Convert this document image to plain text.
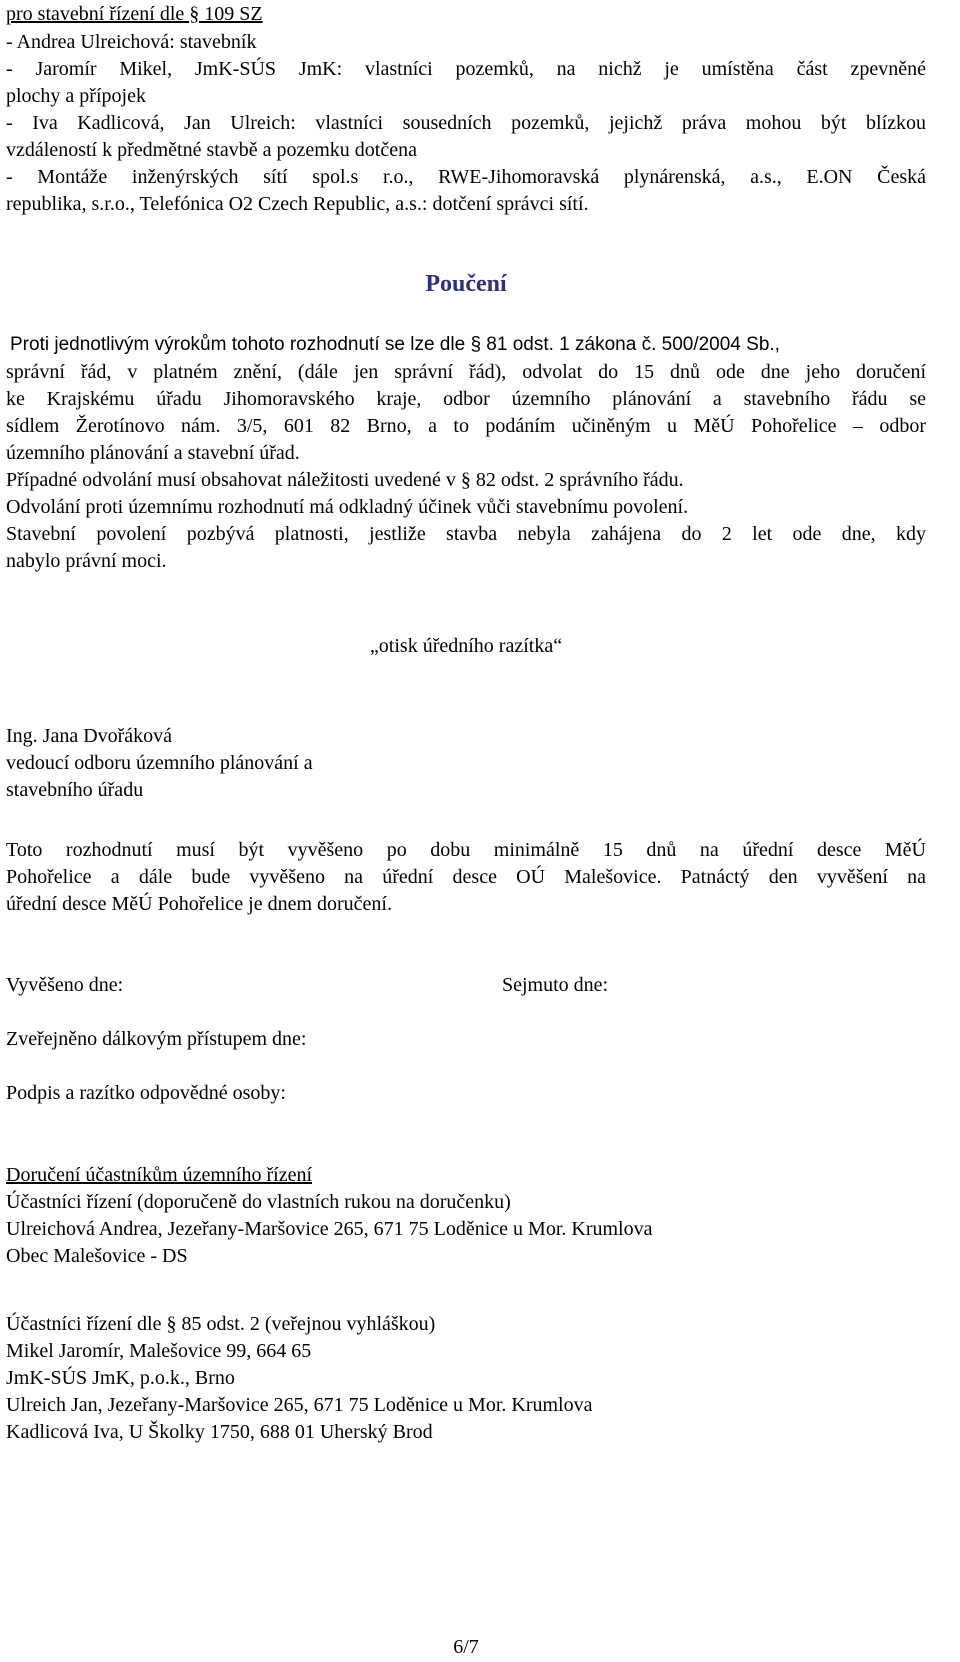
pro stavební řízení dle § 109 SZ
- Andrea Ulreichová: stavebník
- Jaromír Mikel, JmK-SÚS JmK: vlastníci pozemků, na nichž je umístěna část zpevněné
plochy a přípojek
- Iva Kadlicová, Jan Ulreich: vlastníci sousedních pozemků, jejichž práva mohou být blízkou
vzdáleností k předmětné stavbě a pozemku dotčena
- Montáže inženýrských sítí spol.s r.o., RWE-Jihomoravská plynárenská, a.s., E.ON Česká
republika, s.r.o., Telefónica O2 Czech Republic, a.s.: dotčení správci sítí.
Poučení
Proti jednotlivým výrokům tohoto rozhodnutí se lze dle § 81 odst. 1 zákona č. 500/2004 Sb.,
správní řád, v platném znění, (dále jen správní řád), odvolat do 15 dnů ode dne jeho doručení
ke Krajskému úřadu Jihomoravského kraje, odbor územního plánování a stavebního řádu se
sídlem Žerotínovo nám. 3/5, 601 82 Brno, a to podáním učiněným u MěÚ Pohořelice – odbor
územního plánování a stavební úřad.
Případné odvolání musí obsahovat náležitosti uvedené v § 82 odst. 2 správního řádu.
Odvolání proti územnímu rozhodnutí má odkladný účinek vůči stavebnímu povolení.
Stavební povolení pozbývá platnosti, jestliže stavba nebyla zahájena do 2 let ode dne, kdy
nabylo právní moci.
„otisk úředního razítka“
Ing. Jana Dvořáková
vedoucí odboru územního plánování a
stavebního úřadu
Toto rozhodnutí musí být vyvěšeno po dobu minimálně 15 dnů na úřední desce MěÚ
Pohořelice a dále bude vyvěšeno na úřední desce OÚ Malešovice. Patnáctý den vyvěšení na
úřední desce MěÚ Pohořelice je dnem doručení.
Vyvěšeno dne:	Sejmuto dne:
Zveřejněno dálkovým přístupem dne:
Podpis a razítko odpovědné osoby:
Doručení účastníkům územního řízení
Účastníci řízení (doporučeně do vlastních rukou na doručenku)
Ulreichová Andrea, Jezeřany-Maršovice 265, 671 75 Loděnice u Mor. Krumlova
Obec Malešovice - DS
Účastníci řízení dle § 85 odst. 2 (veřejnou vyhláškou)
Mikel Jaromír, Malešovice 99, 664 65
JmK-SÚS JmK, p.o.k., Brno
Ulreich Jan, Jezeřany-Maršovice 265, 671 75 Loděnice u Mor. Krumlova
Kadlicová Iva, U Školky 1750, 688 01 Uherský Brod
6/7
